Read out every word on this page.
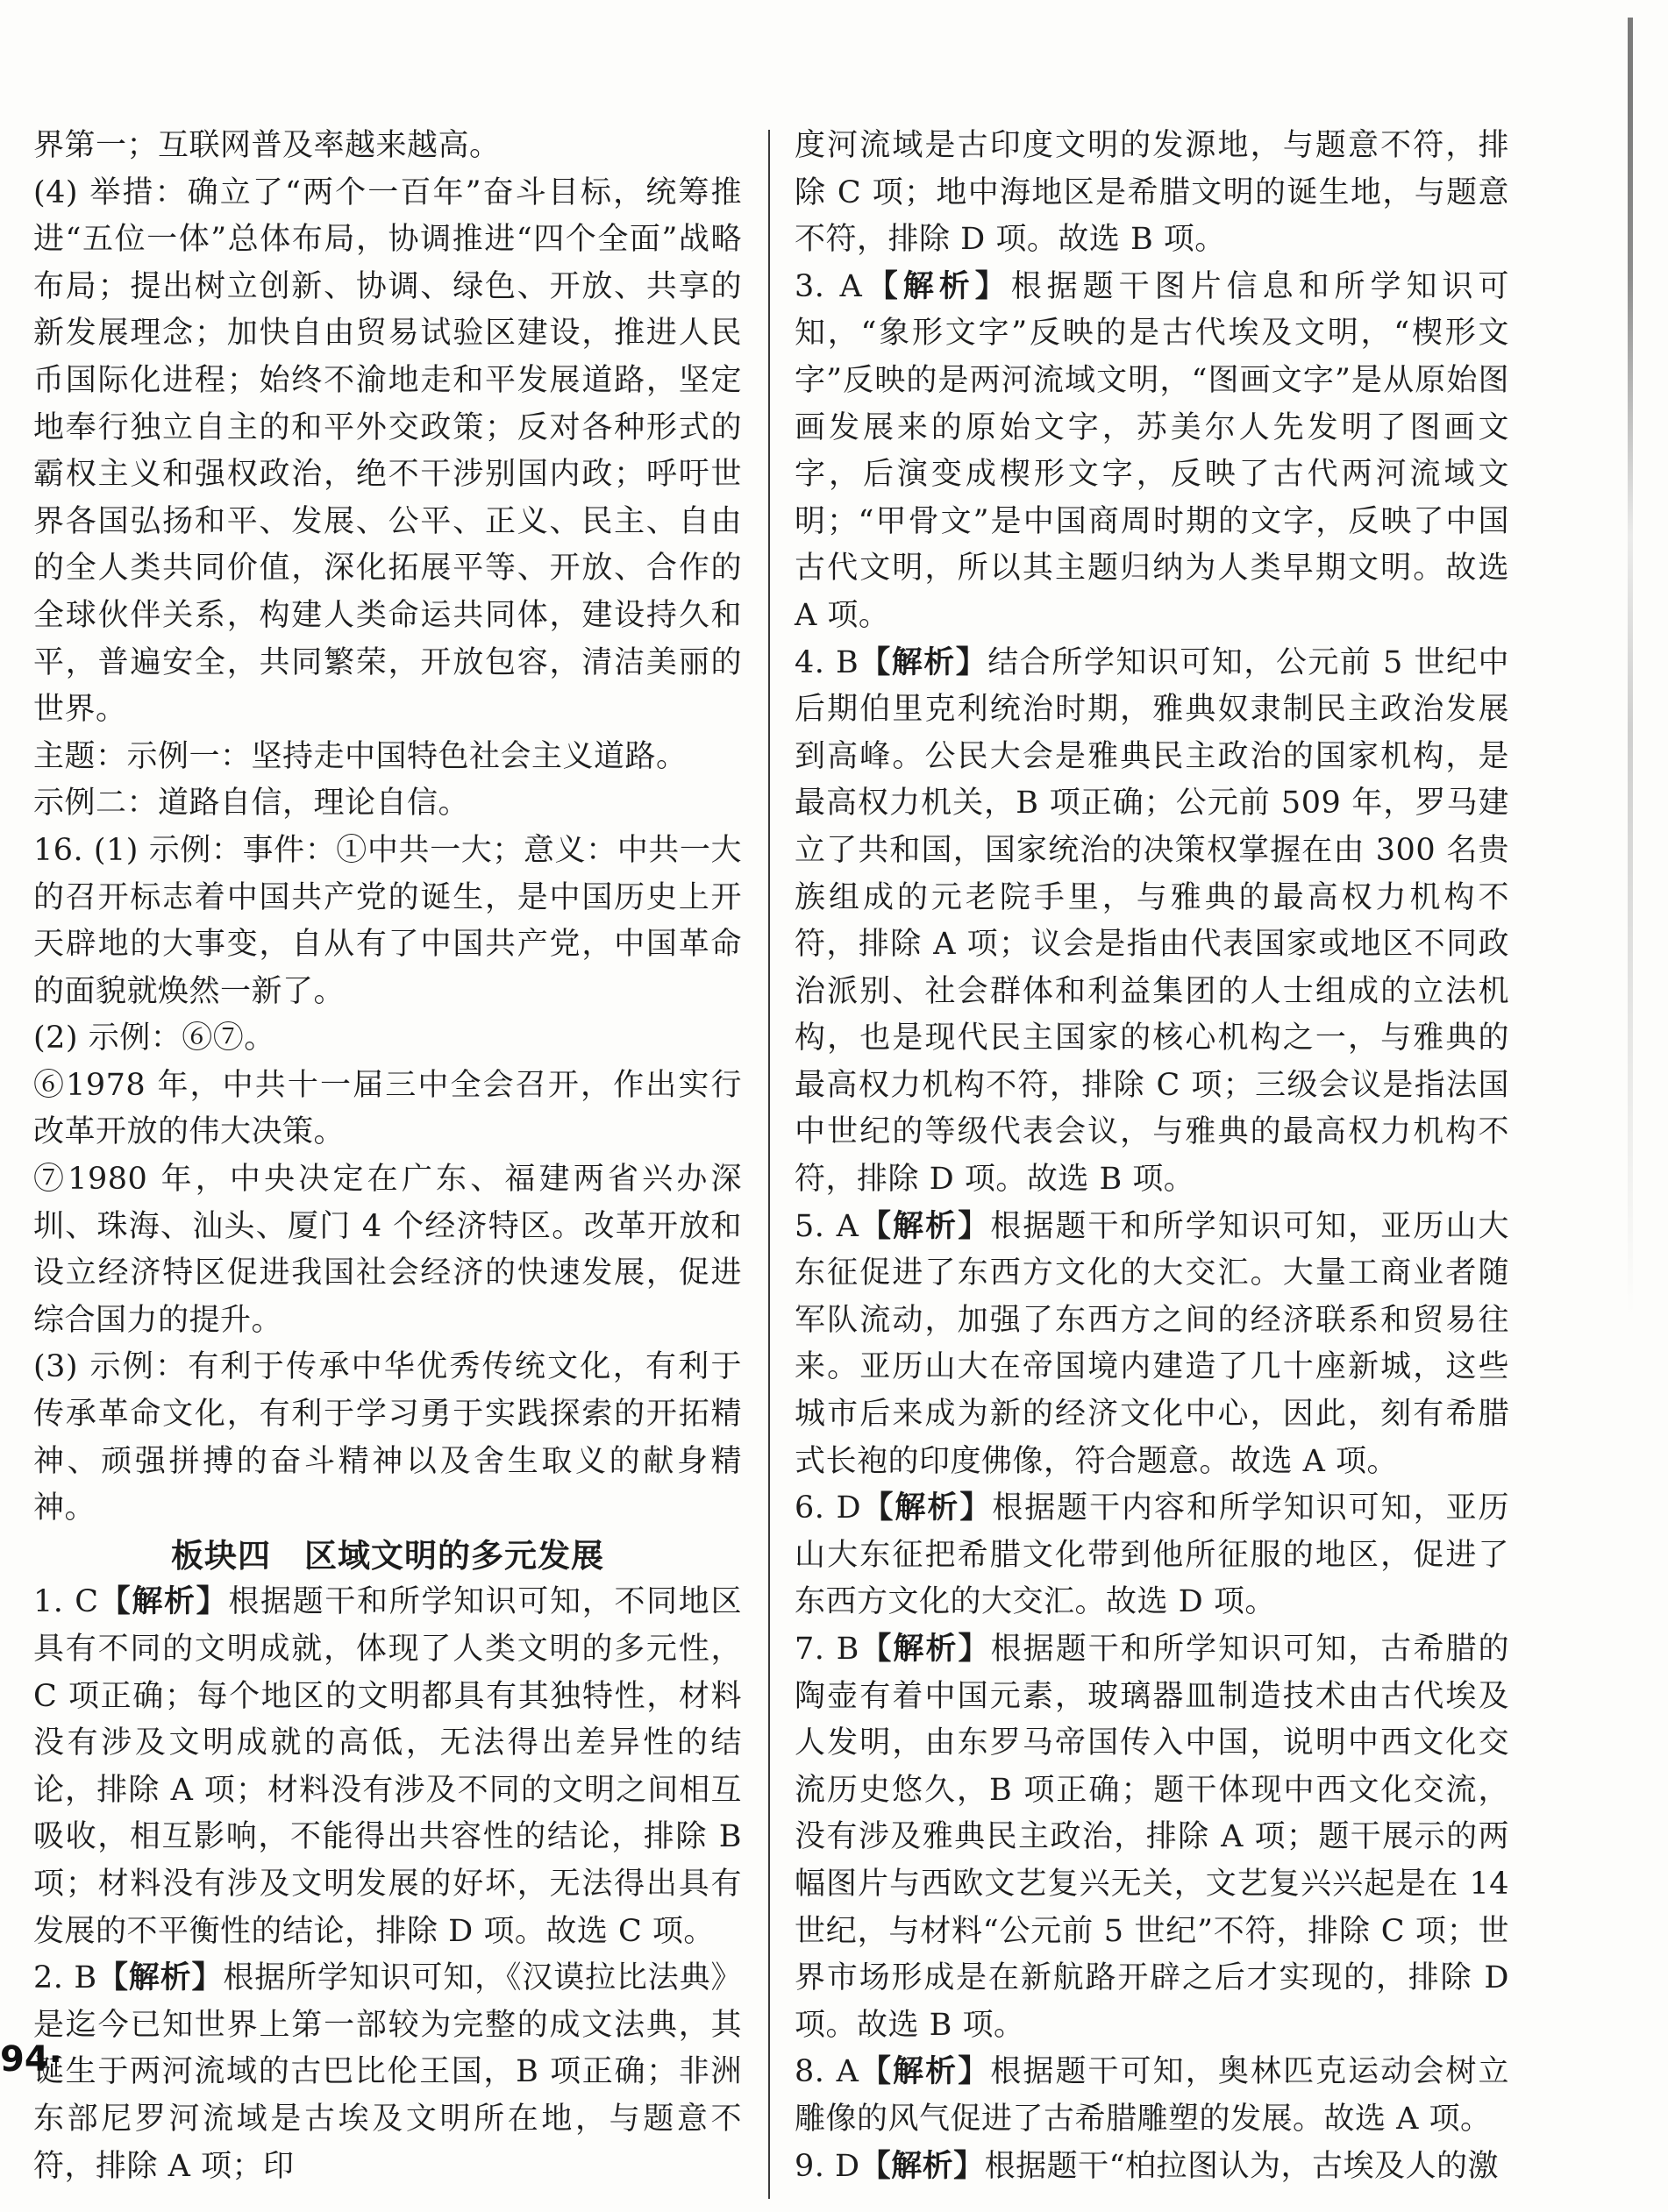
界第一；互联网普及率越来越高。

(4) 举措：确立了“两个一百年”奋斗目标，统筹推进“五位一体”总体布局，协调推进“四个全面”战略布局；提出树立创新、协调、绿色、开放、共享的新发展理念；加快自由贸易试验区建设，推进人民币国际化进程；始终不渝地走和平发展道路，坚定地奉行独立自主的和平外交政策；反对各种形式的霸权主义和强权政治，绝不干涉别国内政；呼吁世界各国弘扬和平、发展、公平、正义、民主、自由的全人类共同价值，深化拓展平等、开放、合作的全球伙伴关系，构建人类命运共同体，建设持久和平，普遍安全，共同繁荣，开放包容，清洁美丽的世界。

主题：示例一：坚持走中国特色社会主义道路。

示例二：道路自信，理论自信。

16. (1) 示例：事件：①中共一大；意义：中共一大的召开标志着中国共产党的诞生，是中国历史上开天辟地的大事变，自从有了中国共产党，中国革命的面貌就焕然一新了。

(2) 示例：⑥⑦。

⑥1978 年，中共十一届三中全会召开，作出实行改革开放的伟大决策。

⑦1980 年，中央决定在广东、福建两省兴办深圳、珠海、汕头、厦门 4 个经济特区。改革开放和设立经济特区促进我国社会经济的快速发展，促进综合国力的提升。

(3) 示例：有利于传承中华优秀传统文化，有利于传承革命文化，有利于学习勇于实践探索的开拓精神、顽强拼搏的奋斗精神以及舍生取义的献身精神。

板块四　区域文明的多元发展

1. C【解析】根据题干和所学知识可知，不同地区具有不同的文明成就，体现了人类文明的多元性，C 项正确；每个地区的文明都具有其独特性，材料没有涉及文明成就的高低，无法得出差异性的结论，排除 A 项；材料没有涉及不同的文明之间相互吸收，相互影响，不能得出共容性的结论，排除 B 项；材料没有涉及文明发展的好坏，无法得出具有发展的不平衡性的结论，排除 D 项。故选 C 项。

2. B【解析】根据所学知识可知，《汉谟拉比法典》是迄今已知世界上第一部较为完整的成文法典，其诞生于两河流域的古巴比伦王国，B 项正确；非洲东部尼罗河流域是古埃及文明所在地，与题意不符，排除 A 项；印

度河流域是古印度文明的发源地，与题意不符，排除 C 项；地中海地区是希腊文明的诞生地，与题意不符，排除 D 项。故选 B 项。

3. A【解析】根据题干图片信息和所学知识可知，“象形文字”反映的是古代埃及文明，“楔形文字”反映的是两河流域文明，“图画文字”是从原始图画发展来的原始文字，苏美尔人先发明了图画文字，后演变成楔形文字，反映了古代两河流域文明；“甲骨文”是中国商周时期的文字，反映了中国古代文明，所以其主题归纳为人类早期文明。故选 A 项。

4. B【解析】结合所学知识可知，公元前 5 世纪中后期伯里克利统治时期，雅典奴隶制民主政治发展到高峰。公民大会是雅典民主政治的国家机构，是最高权力机关，B 项正确；公元前 509 年，罗马建立了共和国，国家统治的决策权掌握在由 300 名贵族组成的元老院手里，与雅典的最高权力机构不符，排除 A 项；议会是指由代表国家或地区不同政治派别、社会群体和利益集团的人士组成的立法机构，也是现代民主国家的核心机构之一，与雅典的最高权力机构不符，排除 C 项；三级会议是指法国中世纪的等级代表会议，与雅典的最高权力机构不符，排除 D 项。故选 B 项。

5. A【解析】根据题干和所学知识可知，亚历山大东征促进了东西方文化的大交汇。大量工商业者随军队流动，加强了东西方之间的经济联系和贸易往来。亚历山大在帝国境内建造了几十座新城，这些城市后来成为新的经济文化中心，因此，刻有希腊式长袍的印度佛像，符合题意。故选 A 项。

6. D【解析】根据题干内容和所学知识可知，亚历山大东征把希腊文化带到他所征服的地区，促进了东西方文化的大交汇。故选 D 项。

7. B【解析】根据题干和所学知识可知，古希腊的陶壶有着中国元素，玻璃器皿制造技术由古代埃及人发明，由东罗马帝国传入中国，说明中西文化交流历史悠久，B 项正确；题干体现中西文化交流，没有涉及雅典民主政治，排除 A 项；题干展示的两幅图片与西欧文艺复兴无关，文艺复兴兴起是在 14 世纪，与材料“公元前 5 世纪”不符，排除 C 项；世界市场形成是在新航路开辟之后才实现的，排除 D 项。故选 B 项。

8. A【解析】根据题干可知，奥林匹克运动会树立雕像的风气促进了古希腊雕塑的发展。故选 A 项。

9. D【解析】根据题干“柏拉图认为，古埃及人的激

94·
